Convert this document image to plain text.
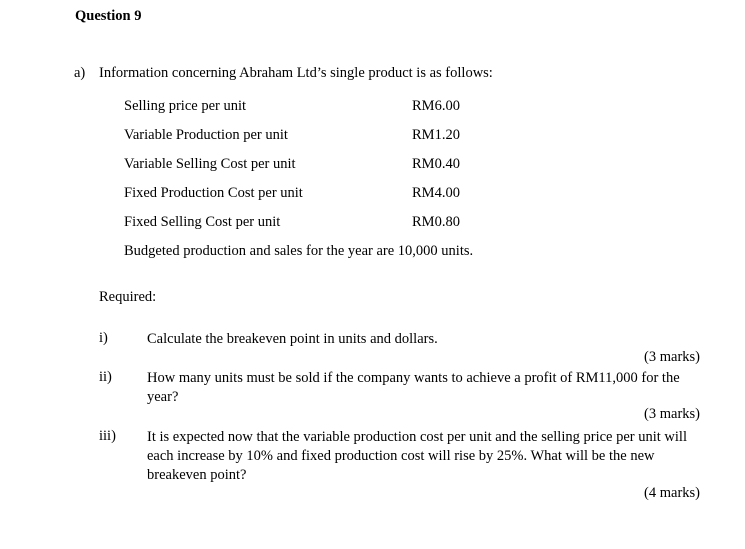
Question 9
a) Information concerning Abraham Ltd’s single product is as follows:
Selling price per unit	RM6.00
Variable Production per unit	RM1.20
Variable Selling Cost per unit	RM0.40
Fixed Production Cost per unit	RM4.00
Fixed Selling Cost per unit	RM0.80
Budgeted production and sales for the year are 10,000 units.
Required:
i)	Calculate the breakeven point in units and dollars.
(3 marks)
ii) How many units must be sold if the company wants to achieve a profit of RM11,000 for the year?
(3 marks)
iii) It is expected now that the variable production cost per unit and the selling price per unit will each increase by 10% and fixed production cost will rise by 25%. What will be the new breakeven point?
(4 marks)
